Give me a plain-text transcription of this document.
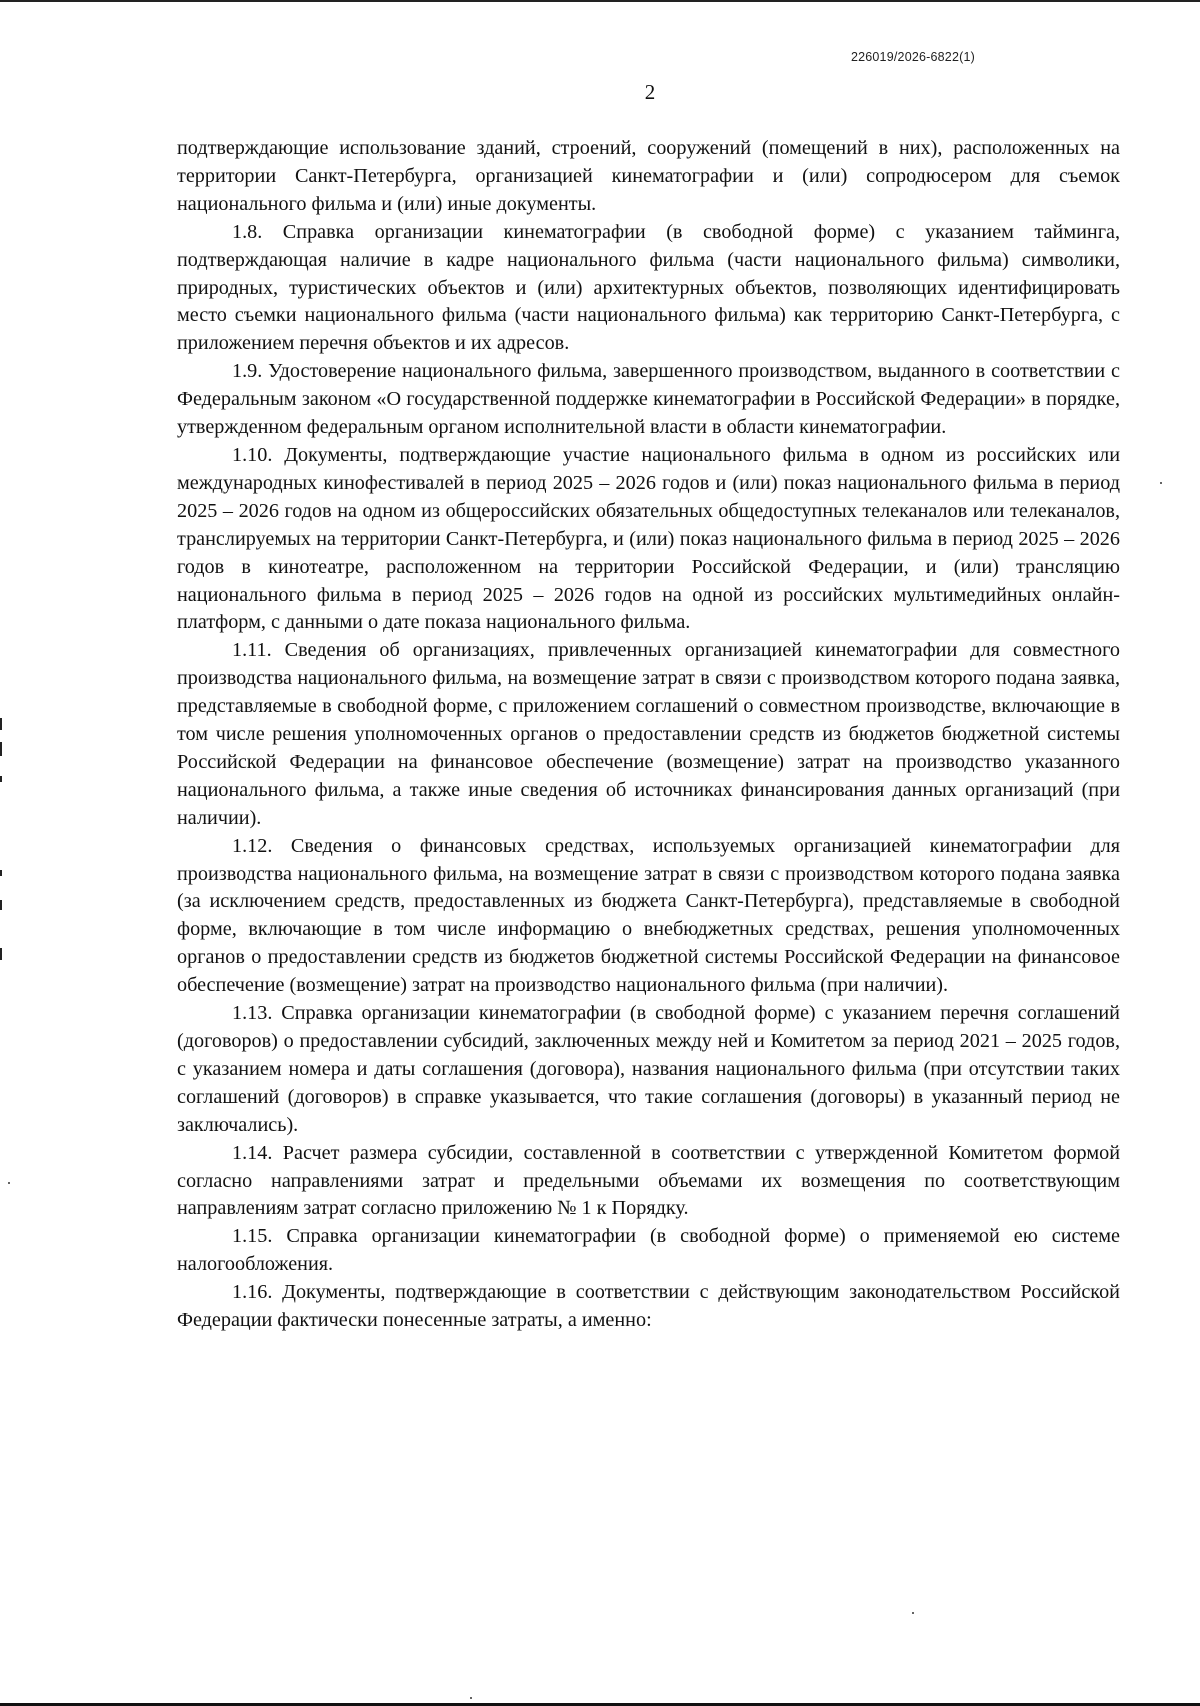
226019/2026-6822(1)
2

подтверждающие использование зданий, строений, сооружений (помещений в них), расположенных на территории Санкт-Петербурга, организацией кинематографии и (или) сопродюсером для съемок национального фильма и (или) иные документы.

1.8. Справка организации кинематографии (в свободной форме) с указанием тайминга, подтверждающая наличие в кадре национального фильма (части национального фильма) символики, природных, туристических объектов и (или) архитектурных объектов, позволяющих идентифицировать место съемки национального фильма (части национального фильма) как территорию Санкт-Петербурга, с приложением перечня объектов и их адресов.

1.9. Удостоверение национального фильма, завершенного производством, выданного в соответствии с Федеральным законом «О государственной поддержке кинематографии в Российской Федерации» в порядке, утвержденном федеральным органом исполнительной власти в области кинематографии.

1.10. Документы, подтверждающие участие национального фильма в одном из российских или международных кинофестивалей в период 2025 – 2026 годов и (или) показ национального фильма в период 2025 – 2026 годов на одном из общероссийских обязательных общедоступных телеканалов или телеканалов, транслируемых на территории Санкт-Петербурга, и (или) показ национального фильма в период 2025 – 2026 годов в кинотеатре, расположенном на территории Российской Федерации, и (или) трансляцию национального фильма в период 2025 – 2026 годов на одной из российских мультимедийных онлайн-платформ, с данными о дате показа национального фильма.

1.11. Сведения об организациях, привлеченных организацией кинематографии для совместного производства национального фильма, на возмещение затрат в связи с производством которого подана заявка, представляемые в свободной форме, с приложением соглашений о совместном производстве, включающие в том числе решения уполномоченных органов о предоставлении средств из бюджетов бюджетной системы Российской Федерации на финансовое обеспечение (возмещение) затрат на производство указанного национального фильма, а также иные сведения об источниках финансирования данных организаций (при наличии).

1.12. Сведения о финансовых средствах, используемых организацией кинематографии для производства национального фильма, на возмещение затрат в связи с производством которого подана заявка (за исключением средств, предоставленных из бюджета Санкт-Петербурга), представляемые в свободной форме, включающие в том числе информацию о внебюджетных средствах, решения уполномоченных органов о предоставлении средств из бюджетов бюджетной системы Российской Федерации на финансовое обеспечение (возмещение) затрат на производство национального фильма (при наличии).

1.13. Справка организации кинематографии (в свободной форме) с указанием перечня соглашений (договоров) о предоставлении субсидий, заключенных между ней и Комитетом за период 2021 – 2025 годов, с указанием номера и даты соглашения (договора), названия национального фильма (при отсутствии таких соглашений (договоров) в справке указывается, что такие соглашения (договоры) в указанный период не заключались).

1.14. Расчет размера субсидии, составленной в соответствии с утвержденной Комитетом формой согласно направлениями затрат и предельными объемами их возмещения по соответствующим направлениям затрат согласно приложению № 1 к Порядку.

1.15. Справка организации кинематографии (в свободной форме) о применяемой ею системе налогообложения.

1.16. Документы, подтверждающие в соответствии с действующим законодательством Российской Федерации фактически понесенные затраты, а именно:
